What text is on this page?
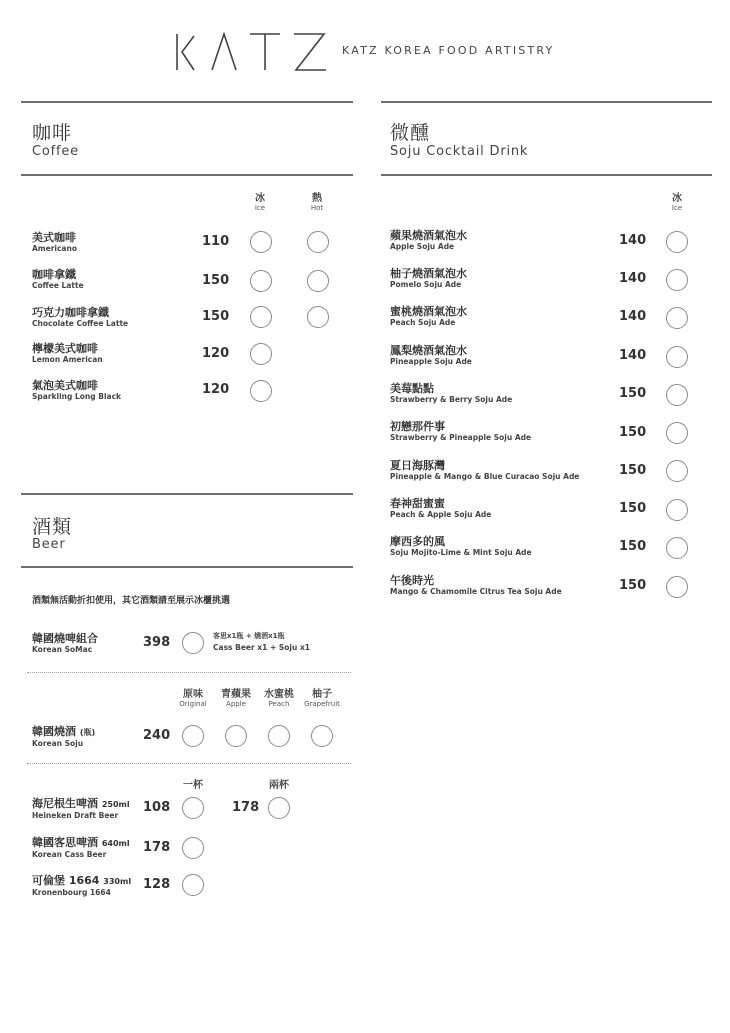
KATZ KOREA FOOD ARTISTRY
咖啡
Coffee
冰
Ice
熱
Hot
美式咖啡
Americano	110
咖啡拿鐵
Coffee Latte	150
巧克力咖啡拿鐵
Chocolate Coffee Latte	150
檸檬美式咖啡
Lemon American	120
氣泡美式咖啡
Sparkling Long Black	120
酒類
Beer
酒類無活動折扣使用，其它酒類請至展示冰櫃挑選
韓國燒啤組合
Korean SoMac	398	客思x1瓶 + 燒酒x1瓶
Cass Beer x1 + Soju x1
原味
Original
青蘋果
Apple
水蜜桃
Peach
柚子
Grapefruit
韓國燒酒 (瓶)
Korean Soju
240
一杯	兩杯
海尼根生啤酒 250ml
Heineken Draft Beer
108	178
韓國客思啤酒 640ml
Korean Cass Beer	178
可倫堡 1664 330ml
Kronenbourg 1664
128
微醺
Soju Cocktail Drink
冰
Ice
蘋果燒酒氣泡水
Apple Soju Ade	140
柚子燒酒氣泡水
Pomelo Soju Ade	140
蜜桃燒酒氣泡水
Peach Soju Ade	140
鳳梨燒酒氣泡水
Pineapple Soju Ade	140
美莓點點
Strawberry & Berry Soju Ade	150
初戀那件事
Strawberry & Pineapple Soju Ade	150
夏日海豚灣
Pineapple & Mango & Blue Curacao Soju Ade	150
春神甜蜜蜜
Peach & Apple Soju Ade	150
摩西多的風
Soju Mojito-Lime & Mint Soju Ade	150
午後時光
Mango & Chamomile Citrus Tea Soju Ade	150
